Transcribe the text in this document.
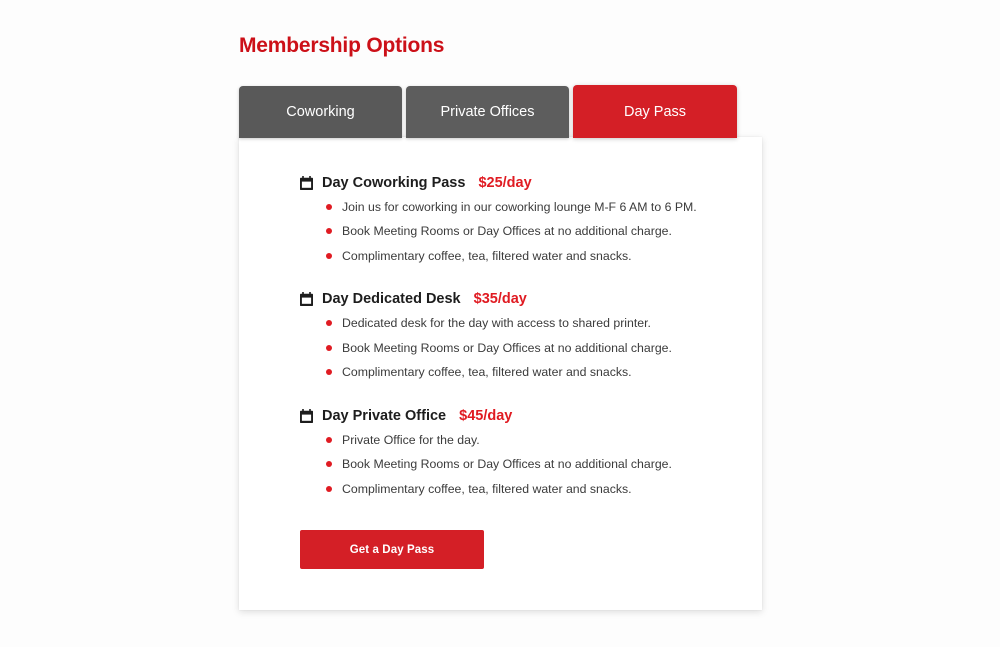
Membership Options
Coworking	Private Offices	Day Pass
Day Coworking Pass $25/day
Join us for coworking in our coworking lounge M-F 6 AM to 6 PM.
Book Meeting Rooms or Day Offices at no additional charge.
Complimentary coffee, tea, filtered water and snacks.
Day Dedicated Desk $35/day
Dedicated desk for the day with access to shared printer.
Book Meeting Rooms or Day Offices at no additional charge.
Complimentary coffee, tea, filtered water and snacks.
Day Private Office $45/day
Private Office for the day.
Book Meeting Rooms or Day Offices at no additional charge.
Complimentary coffee, tea, filtered water and snacks.
Get a Day Pass
